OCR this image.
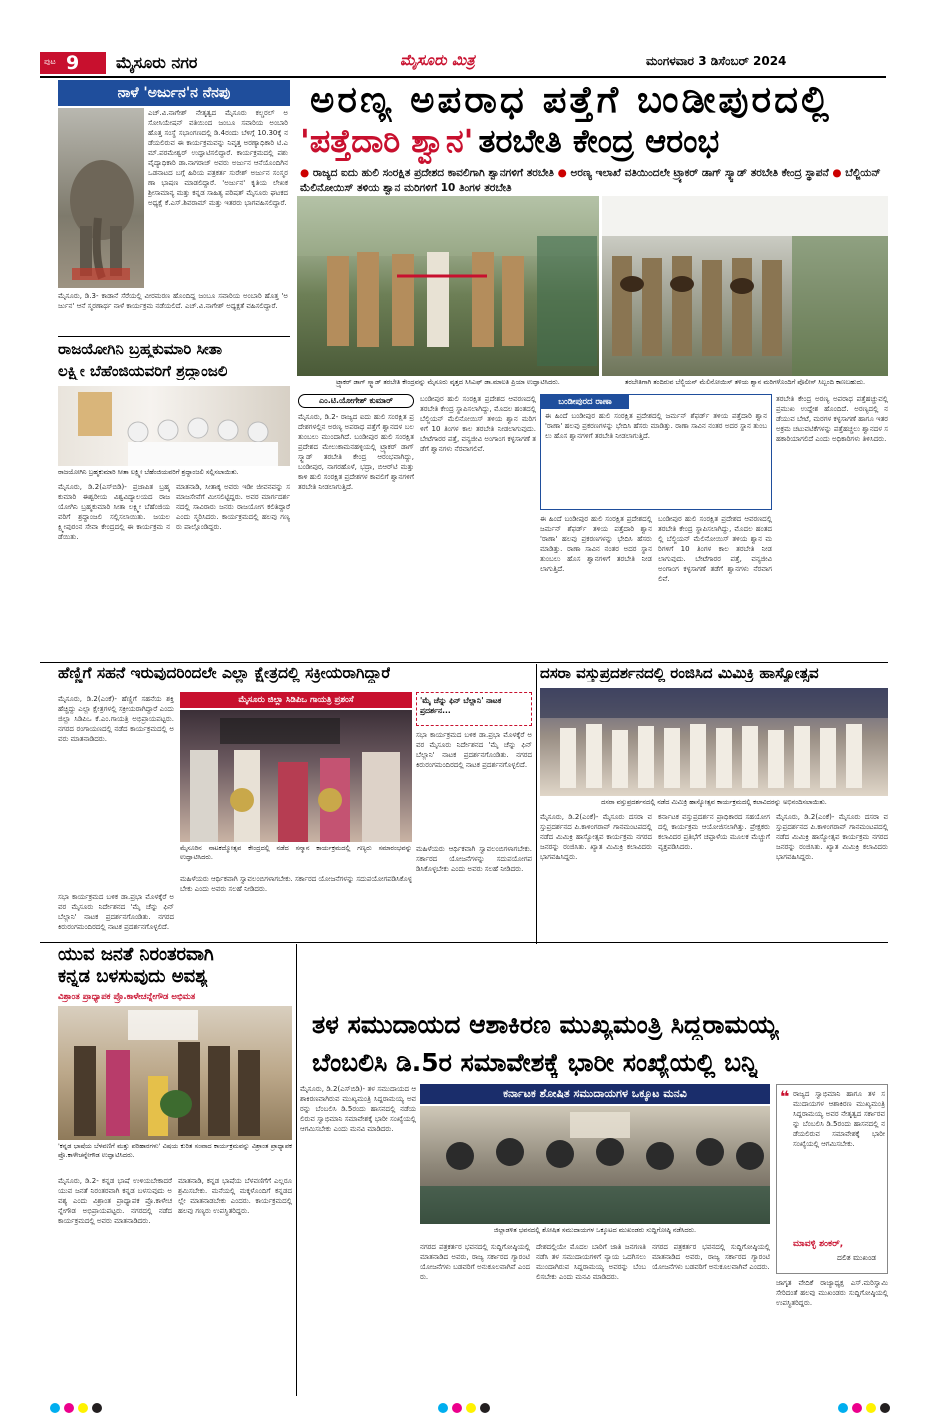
ಪುಟ 9 ಮೈಸೂರು ನಗರ	ಮೈಸೂರು ಮಿತ್ರ	ಮಂಗಳವಾರ 3 ಡಿಸೆಂಬರ್ 2024
ನಾಳೆ 'ಅರ್ಜುನ'ನ ನೆನಪು
ಎಚ್.ವಿ.ನಾಗೇಶ್ ನೇತೃತ್ವದ ಮೈಸೂರು ಕಲ್ಚರಲ್ ಅಸೋಸಿಯೇಷನ್ ವತಿಯಿಂದ ಜಂಬೂ ಸವಾರಿಯ ಅಂಬಾರಿ ಹೊತ್ತ ಸಂಸ್ಥೆ ಸಭಾಂಗಣದಲ್ಲಿ ಡಿ.4ರಂದು ಬೆಳಿಗ್ಗೆ 10.30ಕ್ಕೆ ನಡೆಯಲಿರುವ ಈ ಕಾರ್ಯಕ್ರಮವನ್ನು ನಿವೃತ್ತ ಅರಣ್ಯಾಧಿಕಾರಿ ಟಿ.ಎಮ್.ಪರಮೇಶ್ವರ್ ಉದ್ಘಾಟಿಸಲಿದ್ದಾರೆ. ಕಾರ್ಯಕ್ರಮದಲ್ಲಿ ಪಶು ವೈದ್ಯಾಧಿಕಾರಿ ಡಾ.ನಾಗರಾಜ್ ಅವರು ಅರ್ಜುನ ಆನೆಯೊಂದಿಗಿನ ಒಡನಾಟದ ಬಗ್ಗೆ ಹಿರಿಯ ಪತ್ರಕರ್ತ ಸುರೇಶ್ ಅರ್ಜುನ ಸಂಸ್ಮರಣಾ ಭಾಷಣ ಮಾಡಲಿದ್ದಾರೆ. 'ಅರ್ಜುನ' ಕೃತಿಯ ಲೇಖಕ ಶ್ರೀಸಾಮಾನ್ಯ ಮತ್ತು ಕನ್ನಡ ಸಾಹಿತ್ಯ ಪರಿಷತ್ ಮೈಸೂರು ಘಟಕದ ಅಧ್ಯಕ್ಷೆ ಕೆ.ಎಸ್.ಶಿವರಾಮ್ ಮತ್ತು ಇತರರು ಭಾಗವಹಿಸಲಿದ್ದಾರೆ.
ಮೈಸೂರು, ಡಿ.3- ಕಾಡಾನೆ ಸೆರೆಯಲ್ಲಿ ವೀರಮರಣ ಹೊಂದಿದ್ದ ಜಂಬೂ ಸವಾರಿಯ ಅಂಬಾರಿ ಹೊತ್ತ 'ಅರ್ಜುನ' ಆನೆ ಸ್ಮರಣಾರ್ಥ ನಾಳೆ ಕಾರ್ಯಕ್ರಮ ನಡೆಯಲಿದೆ. ಎಚ್.ವಿ.ನಾಗೇಶ್ ಅಧ್ಯಕ್ಷತೆ ವಹಿಸಲಿದ್ದಾರೆ.
ರಾಜಯೋಗಿನಿ ಬ್ರಹ್ಮಕುಮಾರಿ ಸೀತಾ
ಲಕ್ಷ್ಮೀ ಬೆಹೆಂಜಿಯವರಿಗೆ ಶ್ರದ್ಧಾಂಜಲಿ
ರಾಜಯೋಗಿನಿ ಬ್ರಹ್ಮಕುಮಾರಿ ಸೀತಾ ಲಕ್ಷ್ಮೀ ಬೆಹೆಂಜಿಯವರಿಗೆ ಶ್ರದ್ಧಾಂಜಲಿ ಸಲ್ಲಿಸಲಾಯಿತು.
ಮೈಸೂರು, ಡಿ.2(ಎಸ್‌ಬಿಡಿ)- ಪ್ರಜಾಪಿತ ಬ್ರಹ್ಮಕುಮಾರಿ ಈಶ್ವರೀಯ ವಿಶ್ವವಿದ್ಯಾಲಯದ ರಾಜಯೋಗಿನಿ ಬ್ರಹ್ಮಕುಮಾರಿ ಸೀತಾ ಲಕ್ಷ್ಮೀ ಬೆಹೆಂಜಿಯವರಿಗೆ ಶ್ರದ್ಧಾಂಜಲಿ ಸಲ್ಲಿಸಲಾಯಿತು. ಜಯಲಕ್ಷ್ಮೀಪುರಂನ ಸೇವಾ ಕೇಂದ್ರದಲ್ಲಿ ಈ ಕಾರ್ಯಕ್ರಮ ನಡೆಯಿತು.
ಮಾತನಾಡಿ, ಸೀತಾಕ್ಕ ಅವರು ಇಡೀ ಜೀವನವನ್ನು ಸಮಾಜಸೇವೆಗೆ ಮೀಸಲಿಟ್ಟಿದ್ದರು. ಅವರ ಮಾರ್ಗದರ್ಶನದಲ್ಲಿ ಸಾವಿರಾರು ಜನರು ರಾಜಯೋಗ ಕಲಿತಿದ್ದಾರೆ ಎಂದು ಸ್ಮರಿಸಿದರು. ಕಾರ್ಯಕ್ರಮದಲ್ಲಿ ಹಲವು ಗಣ್ಯರು ಪಾಲ್ಗೊಂಡಿದ್ದರು.
ಅರಣ್ಯ ಅಪರಾಧ ಪತ್ತೆಗೆ ಬಂಡೀಪುರದಲ್ಲಿ
'ಪತ್ತೆದಾರಿ ಶ್ವಾನ' ತರಬೇತಿ ಕೇಂದ್ರ ಆರಂಭ
● ರಾಜ್ಯದ ಐದು ಹುಲಿ ಸಂರಕ್ಷಿತ ಪ್ರದೇಶದ ಕಾವಲಿಗಾಗಿ ಶ್ವಾನಗಳಿಗೆ ತರಬೇತಿ ● ಅರಣ್ಯ ಇಲಾಖೆ ವತಿಯಿಂದಲೇ ಟ್ರ್ಯಾಕರ್ ಡಾಗ್ ಸ್ಕ್ವಾಡ್ ತರಬೇತಿ ಕೇಂದ್ರ ಸ್ಥಾಪನೆ ● ಬೆಲ್ಜಿಯನ್ ಮೆಲಿನೋಯಿಸ್ ತಳಿಯ ಶ್ವಾನ ಮರಿಗಳಿಗೆ 10 ತಿಂಗಳ ತರಬೇತಿ
ಟ್ರ್ಯಾಕರ್ ಡಾಗ್ ಸ್ಕ್ವಾಡ್ ತರಬೇತಿ ಕೇಂದ್ರವನ್ನು ಮೈಸೂರು ವೃತ್ತದ ಸಿಸಿಎಫ್ ಡಾ.ಮಾಲತಿ ಪ್ರಿಯಾ ಉದ್ಘಾಟಿಸಿದರು.	ತರಬೇತಿಗಾಗಿ ತಂದಿರುವ ಬೆಲ್ಜಿಯನ್ ಮೆಲಿನೋಯಿಸ್ ತಳಿಯ ಶ್ವಾನ ಮರಿಗಳೊಂದಿಗೆ ಪೊಲೀಸ್ ಸಿಬ್ಬಂದಿ ಕಾಣಬಹುದು.
ಎಂ.ಟಿ.ಯೋಗೇಶ್ ಕುಮಾರ್
ಮೈಸೂರು, ಡಿ.2- ರಾಜ್ಯದ ಐದು ಹುಲಿ ಸಂರಕ್ಷಿತ ಪ್ರದೇಶಗಳಲ್ಲಿನ ಅರಣ್ಯ ಅಪರಾಧ ಪತ್ತೆಗೆ ಶ್ವಾನದಳ ಬಲ ತುಂಬಲು ಮುಂದಾಗಿದೆ. ಬಂಡೀಪುರ ಹುಲಿ ಸಂರಕ್ಷಿತ ಪ್ರದೇಶದ ಮೇಲುಕಾಮನಹಳ್ಳಿಯಲ್ಲಿ ಟ್ರ್ಯಾಕರ್ ಡಾಗ್ ಸ್ಕ್ವಾಡ್ ತರಬೇತಿ ಕೇಂದ್ರ ಆರಂಭವಾಗಿದ್ದು, ಬಂಡೀಪುರ, ನಾಗರಹೊಳೆ, ಭದ್ರಾ, ಬಿಆರ್‌ಟಿ ಮತ್ತು ಕಾಳಿ ಹುಲಿ ಸಂರಕ್ಷಿತ ಪ್ರದೇಶಗಳ ಕಾವಲಿಗೆ ಶ್ವಾನಗಳಿಗೆ ತರಬೇತಿ ನೀಡಲಾಗುತ್ತಿದೆ.
ಬಂಡೀಪುರ ಹುಲಿ ಸಂರಕ್ಷಿತ ಪ್ರದೇಶದ ಆವರಣದಲ್ಲಿ ತರಬೇತಿ ಕೇಂದ್ರ ಸ್ಥಾಪಿಸಲಾಗಿದ್ದು, ಮೊದಲ ಹಂತದಲ್ಲಿ ಬೆಲ್ಜಿಯನ್ ಮೆಲಿನೋಯಿಸ್ ತಳಿಯ ಶ್ವಾನ ಮರಿಗಳಿಗೆ 10 ತಿಂಗಳ ಕಾಲ ತರಬೇತಿ ನೀಡಲಾಗುವುದು. ಬೇಟೆಗಾರರ ಪತ್ತೆ, ವನ್ಯಜೀವಿ ಅಂಗಾಂಗ ಕಳ್ಳಸಾಗಣೆ ತಡೆಗೆ ಶ್ವಾನಗಳು ನೆರವಾಗಲಿವೆ.
ಬಂಡೀಪುರದ ರಾಣಾ
ಈ ಹಿಂದೆ ಬಂಡೀಪುರ ಹುಲಿ ಸಂರಕ್ಷಿತ ಪ್ರದೇಶದಲ್ಲಿ ಜರ್ಮನ್ ಶೆಫರ್ಡ್ ತಳಿಯ ಪತ್ತೆದಾರಿ ಶ್ವಾನ 'ರಾಣಾ' ಹಲವು ಪ್ರಕರಣಗಳನ್ನು ಭೇದಿಸಿ ಹೆಸರು ಮಾಡಿತ್ತು. ರಾಣಾ ಸಾವಿನ ನಂತರ ಅದರ ಸ್ಥಾನ ತುಂಬಲು ಹೊಸ ಶ್ವಾನಗಳಿಗೆ ತರಬೇತಿ ನೀಡಲಾಗುತ್ತಿದೆ.
ಈ ಹಿಂದೆ ಬಂಡೀಪುರ ಹುಲಿ ಸಂರಕ್ಷಿತ ಪ್ರದೇಶದಲ್ಲಿ ಜರ್ಮನ್ ಶೆಫರ್ಡ್ ತಳಿಯ ಪತ್ತೆದಾರಿ ಶ್ವಾನ 'ರಾಣಾ' ಹಲವು ಪ್ರಕರಣಗಳನ್ನು ಭೇದಿಸಿ ಹೆಸರು ಮಾಡಿತ್ತು. ರಾಣಾ ಸಾವಿನ ನಂತರ ಅದರ ಸ್ಥಾನ ತುಂಬಲು ಹೊಸ ಶ್ವಾನಗಳಿಗೆ ತರಬೇತಿ ನೀಡಲಾಗುತ್ತಿದೆ.
ಬಂಡೀಪುರ ಹುಲಿ ಸಂರಕ್ಷಿತ ಪ್ರದೇಶದ ಆವರಣದಲ್ಲಿ ತರಬೇತಿ ಕೇಂದ್ರ ಸ್ಥಾಪಿಸಲಾಗಿದ್ದು, ಮೊದಲ ಹಂತದಲ್ಲಿ ಬೆಲ್ಜಿಯನ್ ಮೆಲಿನೋಯಿಸ್ ತಳಿಯ ಶ್ವಾನ ಮರಿಗಳಿಗೆ 10 ತಿಂಗಳ ಕಾಲ ತರಬೇತಿ ನೀಡಲಾಗುವುದು. ಬೇಟೆಗಾರರ ಪತ್ತೆ, ವನ್ಯಜೀವಿ ಅಂಗಾಂಗ ಕಳ್ಳಸಾಗಣೆ ತಡೆಗೆ ಶ್ವಾನಗಳು ನೆರವಾಗಲಿವೆ.
ತರಬೇತಿ ಕೇಂದ್ರ ಅರಣ್ಯ ಅಪರಾಧ ಪತ್ತೆಹಚ್ಚುವಲ್ಲಿ ಪ್ರಮುಖ ಉದ್ದೇಶ ಹೊಂದಿದೆ. ಅರಣ್ಯದಲ್ಲಿ ನಡೆಯುವ ಬೇಟೆ, ಮರಗಳ ಕಳ್ಳಸಾಗಣೆ ಹಾಗೂ ಇತರ ಅಕ್ರಮ ಚಟುವಟಿಕೆಗಳನ್ನು ಪತ್ತೆಹಚ್ಚಲು ಶ್ವಾನದಳ ಸಹಕಾರಿಯಾಗಲಿದೆ ಎಂದು ಅಧಿಕಾರಿಗಳು ತಿಳಿಸಿದರು.
ಹೆಣ್ಣಿಗೆ ಸಹನೆ ಇರುವುದರಿಂದಲೇ ಎಲ್ಲಾ ಕ್ಷೇತ್ರದಲ್ಲಿ ಸಕ್ರೀಯರಾಗಿದ್ದಾರೆ
ಮೈಸೂರು ಜಿಲ್ಲಾ ಸಿಡಿಪಿಒ ಗಾಯತ್ರಿ ಪ್ರಶಂಸೆ
ಮೈಸೂರು, ಡಿ.2(ಎಂಕೆ)- ಹೆಣ್ಣಿಗೆ ಸಹನೆಯ ಶಕ್ತಿ ಹೆಚ್ಚಿದ್ದು ಎಲ್ಲಾ ಕ್ಷೇತ್ರಗಳಲ್ಲಿ ಸಕ್ರೀಯರಾಗಿದ್ದಾರೆ ಎಂದು ಜಿಲ್ಲಾ ಸಿಡಿಪಿಒ ಕೆ.ಎಂ.ಗಾಯತ್ರಿ ಅಭಿಪ್ರಾಯಪಟ್ಟರು. ನಗರದ ರಂಗಾಯಣದಲ್ಲಿ ನಡೆದ ಕಾರ್ಯಕ್ರಮದಲ್ಲಿ ಅವರು ಮಾತನಾಡಿದರು.
ಮೈಸೂರಿನ ನಾಟಕದ್ಮೋತ್ಸವ ಕೇಂದ್ರದಲ್ಲಿ ನಡೆದ ಸನ್ಮಾನ ಕಾರ್ಯಕ್ರಮದಲ್ಲಿ ಗಣ್ಯರು ಸಮಾರಂಭವನ್ನು ಉದ್ಘಾಟಿಸಿದರು.
'ಮೈ ಚೆನ್ನು ಫಿನ್ ಬೆಲ್ಲಾನಿ' ನಾಟಕ ಪ್ರದರ್ಶನ...
ಸಭಾ ಕಾರ್ಯಕ್ರಮದ ಬಳಿಕ ಡಾ.ಪ್ರಭಾ ಮೊಳಕ್ಕೆರೆ ಅವರ ಮೈಸೂರು ನಿರ್ದೇಶನದ 'ಮೈ ಚೆನ್ನು ಫಿನ್ ಬೆಲ್ಲಾನಿ' ನಾಟಕ ಪ್ರದರ್ಶನಗೊಂಡಿತು. ನಗರದ ಕಿರುರಂಗಮಂದಿರದಲ್ಲಿ ನಾಟಕ ಪ್ರದರ್ಶನಗೊಳ್ಳಲಿದೆ.
ಮಹಿಳೆಯರು ಆರ್ಥಿಕವಾಗಿ ಸ್ವಾವಲಂಬಿಗಳಾಗಬೇಕು. ಸರ್ಕಾರದ ಯೋಜನೆಗಳನ್ನು ಸದುಪಯೋಗಪಡಿಸಿಕೊಳ್ಳಬೇಕು ಎಂದು ಅವರು ಸಲಹೆ ನೀಡಿದರು.
ಮಹಿಳೆಯರು ಆರ್ಥಿಕವಾಗಿ ಸ್ವಾವಲಂಬಿಗಳಾಗಬೇಕು. ಸರ್ಕಾರದ ಯೋಜನೆಗಳನ್ನು ಸದುಪಯೋಗಪಡಿಸಿಕೊಳ್ಳಬೇಕು ಎಂದು ಅವರು ಸಲಹೆ ನೀಡಿದರು.
ಸಭಾ ಕಾರ್ಯಕ್ರಮದ ಬಳಿಕ ಡಾ.ಪ್ರಭಾ ಮೊಳಕ್ಕೆರೆ ಅವರ ಮೈಸೂರು ನಿರ್ದೇಶನದ 'ಮೈ ಚೆನ್ನು ಫಿನ್ ಬೆಲ್ಲಾನಿ' ನಾಟಕ ಪ್ರದರ್ಶನಗೊಂಡಿತು. ನಗರದ ಕಿರುರಂಗಮಂದಿರದಲ್ಲಿ ನಾಟಕ ಪ್ರದರ್ಶನಗೊಳ್ಳಲಿದೆ.
ದಸರಾ ವಸ್ತುಪ್ರದರ್ಶನದಲ್ಲಿ ರಂಜಿಸಿದ ಮಿಮಿಕ್ರಿ ಹಾಸ್ಯೋತ್ಸವ
ದಸರಾ ವಸ್ತುಪ್ರದರ್ಶನದಲ್ಲಿ ನಡೆದ ಮಿಮಿಕ್ರಿ ಹಾಸ್ಯೋತ್ಸವ ಕಾರ್ಯಕ್ರಮದಲ್ಲಿ ಕಲಾವಿದರನ್ನು ಅಭಿನಂದಿಸಲಾಯಿತು.
ಮೈಸೂರು, ಡಿ.2(ಎಂಕೆ)- ಮೈಸೂರು ದಸರಾ ವಸ್ತುಪ್ರದರ್ಶನದ ಪಿ.ಕಾಳಿಂಗರಾವ್ ಗಾನಮಂಟಪದಲ್ಲಿ ನಡೆದ ಮಿಮಿಕ್ರಿ ಹಾಸ್ಯೋತ್ಸವ ಕಾರ್ಯಕ್ರಮ ನಗರದ ಜನರನ್ನು ರಂಜಿಸಿತು. ಖ್ಯಾತ ಮಿಮಿಕ್ರಿ ಕಲಾವಿದರು ಭಾಗವಹಿಸಿದ್ದರು.
ಕರ್ನಾಟಕ ವಸ್ತುಪ್ರದರ್ಶನ ಪ್ರಾಧಿಕಾರದ ಸಹಯೋಗದಲ್ಲಿ ಕಾರ್ಯಕ್ರಮ ಆಯೋಜಿಸಲಾಗಿತ್ತು. ಪ್ರೇಕ್ಷಕರು ಕಲಾವಿದರ ಪ್ರತಿಭೆಗೆ ಚಪ್ಪಾಳೆಯ ಮೂಲಕ ಮೆಚ್ಚುಗೆ ವ್ಯಕ್ತಪಡಿಸಿದರು.
ಮೈಸೂರು, ಡಿ.2(ಎಂಕೆ)- ಮೈಸೂರು ದಸರಾ ವಸ್ತುಪ್ರದರ್ಶನದ ಪಿ.ಕಾಳಿಂಗರಾವ್ ಗಾನಮಂಟಪದಲ್ಲಿ ನಡೆದ ಮಿಮಿಕ್ರಿ ಹಾಸ್ಯೋತ್ಸವ ಕಾರ್ಯಕ್ರಮ ನಗರದ ಜನರನ್ನು ರಂಜಿಸಿತು. ಖ್ಯಾತ ಮಿಮಿಕ್ರಿ ಕಲಾವಿದರು ಭಾಗವಹಿಸಿದ್ದರು.
ಯುವ ಜನತೆ ನಿರಂತರವಾಗಿ
ಕನ್ನಡ ಬಳಸುವುದು ಅವಶ್ಯ
ವಿಶ್ರಾಂತ ಪ್ರಾಧ್ಯಾಪಕ ಪ್ರೊ.ಕಾಳೇಚನ್ನೇಗೌಡ ಅಭಿಮತ
'ಕನ್ನಡ ಭಾಷೆಯ ಬೆಳವಣಿಗೆ ಮತ್ತು ಪರಿಹಾರಗಳು' ವಿಷಯ ಕುರಿತ ಸಂವಾದ ಕಾರ್ಯಕ್ರಮವನ್ನು ವಿಶ್ರಾಂತ ಪ್ರಾಧ್ಯಾಪಕ ಪ್ರೊ.ಕಾಳೇಚನ್ನೇಗೌಡ ಉದ್ಘಾಟಿಸಿದರು.
ಮೈಸೂರು, ಡಿ.2- ಕನ್ನಡ ಭಾಷೆ ಉಳಿಯಬೇಕಾದರೆ ಯುವ ಜನತೆ ನಿರಂತರವಾಗಿ ಕನ್ನಡ ಬಳಸುವುದು ಅವಶ್ಯ ಎಂದು ವಿಶ್ರಾಂತ ಪ್ರಾಧ್ಯಾಪಕ ಪ್ರೊ.ಕಾಳೇಚನ್ನೇಗೌಡ ಅಭಿಪ್ರಾಯಪಟ್ಟರು. ನಗರದಲ್ಲಿ ನಡೆದ ಕಾರ್ಯಕ್ರಮದಲ್ಲಿ ಅವರು ಮಾತನಾಡಿದರು.
ಮಾತನಾಡಿ, ಕನ್ನಡ ಭಾಷೆಯ ಬೆಳವಣಿಗೆಗೆ ಎಲ್ಲರೂ ಶ್ರಮಿಸಬೇಕು. ಮನೆಯಲ್ಲಿ ಮಕ್ಕಳೊಂದಿಗೆ ಕನ್ನಡದಲ್ಲೇ ಮಾತನಾಡಬೇಕು ಎಂದರು. ಕಾರ್ಯಕ್ರಮದಲ್ಲಿ ಹಲವು ಗಣ್ಯರು ಉಪಸ್ಥಿತರಿದ್ದರು.
ತಳ ಸಮುದಾಯದ ಆಶಾಕಿರಣ ಮುಖ್ಯಮಂತ್ರಿ ಸಿದ್ದರಾಮಯ್ಯ
ಬೆಂಬಲಿಸಿ ಡಿ.5ರ ಸಮಾವೇಶಕ್ಕೆ ಭಾರೀ ಸಂಖ್ಯೆಯಲ್ಲಿ ಬನ್ನಿ
ಮೈಸೂರು, ಡಿ.2(ಎಸ್‌ಬಿಡಿ)- ತಳ ಸಮುದಾಯದ ಆಶಾಕಿರಣವಾಗಿರುವ ಮುಖ್ಯಮಂತ್ರಿ ಸಿದ್ದರಾಮಯ್ಯ ಅವರನ್ನು ಬೆಂಬಲಿಸಿ ಡಿ.5ರಂದು ಹಾಸನದಲ್ಲಿ ನಡೆಯಲಿರುವ ಸ್ವಾಭಿಮಾನಿ ಸಮಾವೇಶಕ್ಕೆ ಭಾರೀ ಸಂಖ್ಯೆಯಲ್ಲಿ ಆಗಮಿಸಬೇಕು ಎಂದು ಮನವಿ ಮಾಡಿದರು.
ಕರ್ನಾಟಕ ಶೋಷಿತ ಸಮುದಾಯಗಳ ಒಕ್ಕೂಟ ಮನವಿ
ಜಿಲ್ಲಾಡಳಿತ ಭವನದಲ್ಲಿ ಶೋಷಿತ ಸಮುದಾಯಗಳ ಒಕ್ಕೂಟದ ಮುಖಂಡರು ಸುದ್ದಿಗೋಷ್ಠಿ ನಡೆಸಿದರು.
ನಗರದ ಪತ್ರಕರ್ತರ ಭವನದಲ್ಲಿ ಸುದ್ದಿಗೋಷ್ಠಿಯಲ್ಲಿ ಮಾತನಾಡಿದ ಅವರು, ರಾಜ್ಯ ಸರ್ಕಾರದ ಗ್ಯಾರಂಟಿ ಯೋಜನೆಗಳು ಬಡವರಿಗೆ ಅನುಕೂಲವಾಗಿವೆ ಎಂದರು.
ದೇಶದಲ್ಲಿಯೇ ಮೊದಲ ಬಾರಿಗೆ ಜಾತಿ ಜನಗಣತಿ ನಡೆಸಿ ತಳ ಸಮುದಾಯಗಳಿಗೆ ನ್ಯಾಯ ಒದಗಿಸಲು ಮುಂದಾಗಿರುವ ಸಿದ್ದರಾಮಯ್ಯ ಅವರನ್ನು ಬೆಂಬಲಿಸಬೇಕು ಎಂದು ಮನವಿ ಮಾಡಿದರು.
ನಗರದ ಪತ್ರಕರ್ತರ ಭವನದಲ್ಲಿ ಸುದ್ದಿಗೋಷ್ಠಿಯಲ್ಲಿ ಮಾತನಾಡಿದ ಅವರು, ರಾಜ್ಯ ಸರ್ಕಾರದ ಗ್ಯಾರಂಟಿ ಯೋಜನೆಗಳು ಬಡವರಿಗೆ ಅನುಕೂಲವಾಗಿವೆ ಎಂದರು.
❝ ರಾಜ್ಯದ ಸ್ವಾಭಿಮಾನಿ ಹಾಗೂ ತಳ ಸಮುದಾಯಗಳ ಆಶಾಕಿರಣ ಮುಖ್ಯಮಂತ್ರಿ ಸಿದ್ದರಾಮಯ್ಯ ಅವರ ನೇತೃತ್ವದ ಸರ್ಕಾರವನ್ನು ಬೆಂಬಲಿಸಿ ಡಿ.5ರಂದು ಹಾಸನದಲ್ಲಿ ನಡೆಯಲಿರುವ ಸಮಾವೇಶಕ್ಕೆ ಭಾರೀ ಸಂಖ್ಯೆಯಲ್ಲಿ ಆಗಮಿಸಬೇಕು.
ಮಾವಳ್ಳಿ ಶಂಕರ್,
ದಲಿತ ಮುಖಂಡ
ಜಾಗೃತ ವೇದಿಕೆ ರಾಜ್ಯಾಧ್ಯಕ್ಷ ಎಸ್.ಮರಿಸ್ವಾಮಿ ಸೇರಿದಂತೆ ಹಲವು ಮುಖಂಡರು ಸುದ್ದಿಗೋಷ್ಠಿಯಲ್ಲಿ ಉಪಸ್ಥಿತರಿದ್ದರು.
